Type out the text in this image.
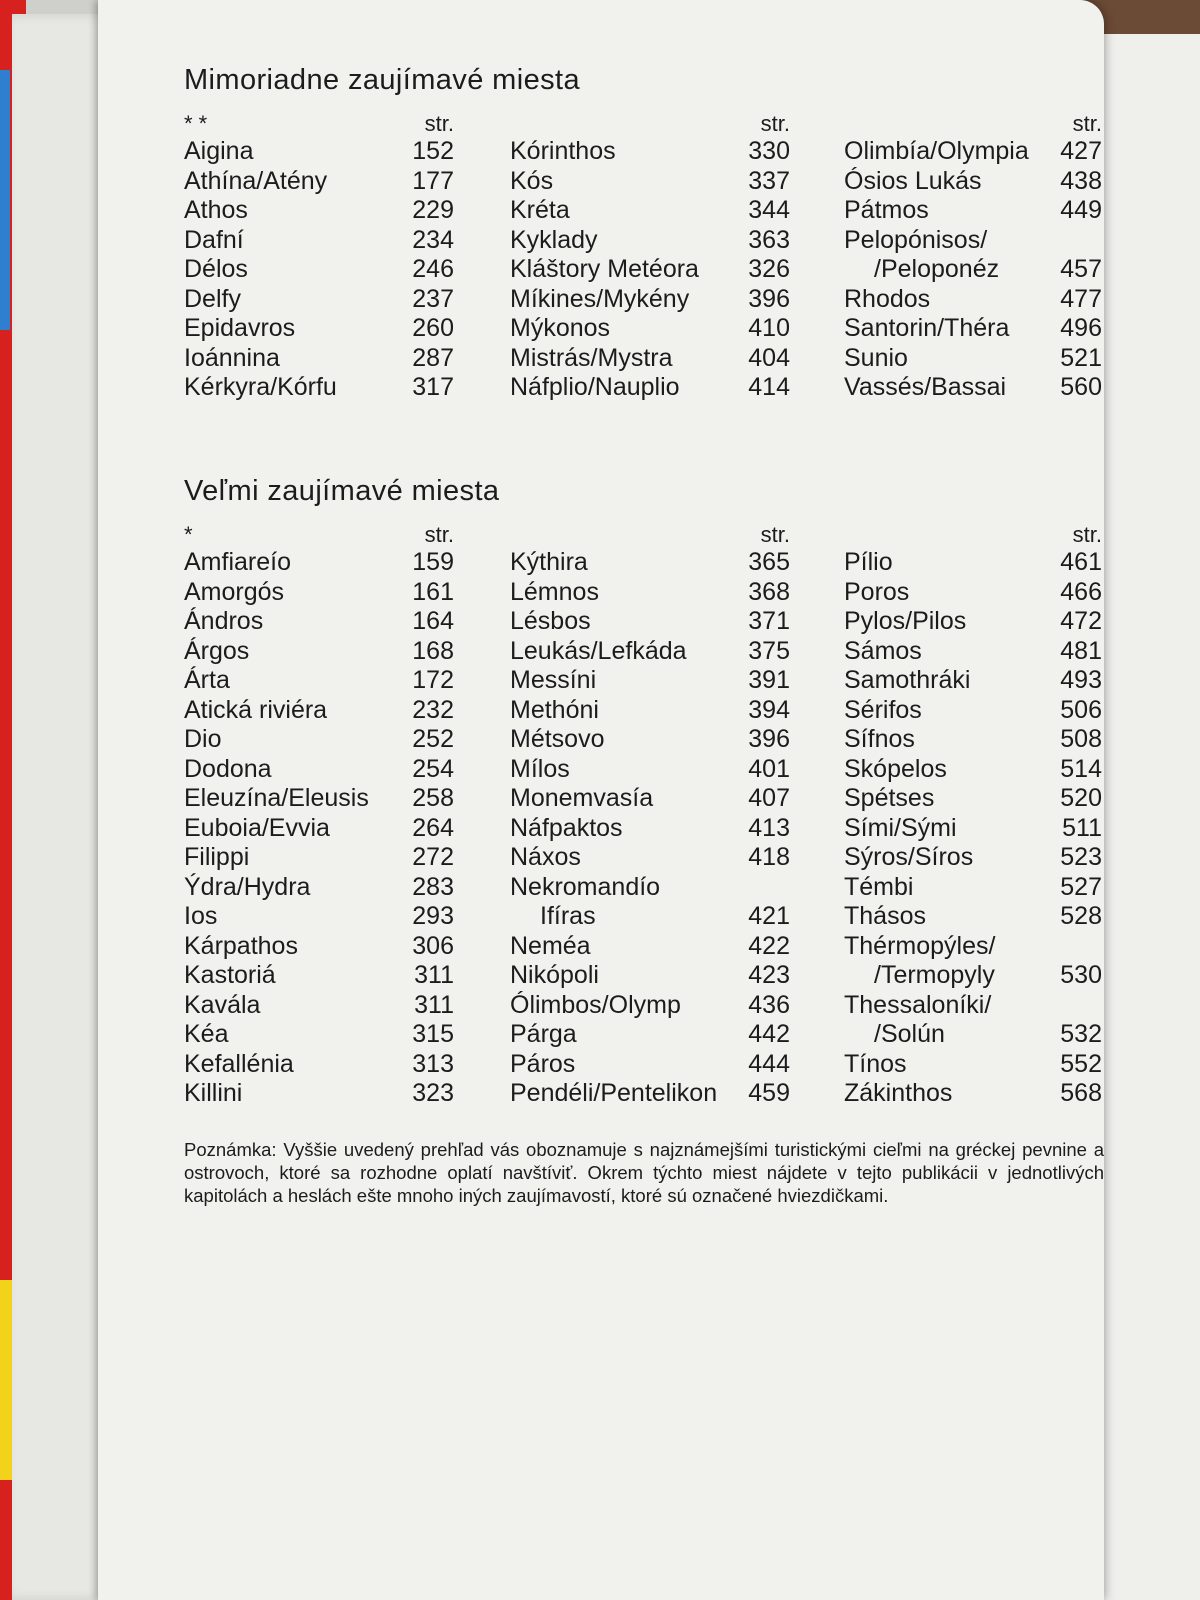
Mimoriadne zaujímavé miesta
* *	str.
Aigina	152
Athína/Atény	177
Athos	229
Dafní	234
Délos	246
Delfy	237
Epidavros	260
Ioánnina	287
Kérkyra/Kórfu	317
str.
Kórinthos	330
Kós	337
Kréta	344
Kyklady	363
Kláštory Metéora 326
Míkines/Mykény 396
Mýkonos	410
Mistrás/Mystra	404
Náfplio/Nauplio	414
str.
Olimbía/Olympia 427
Ósios Lukás	438
Pátmos	449
Pelopónisos/
/Peloponéz 457
Rhodos	477
Santorin/Théra 496
Sunio	521
Vassés/Bassai 560
Veľmi zaujímavé miesta
*	str.
Amfiareío	159
Amorgós	161
Ándros	164
Árgos	168
Árta	172
Atická riviéra	232
Dio	252
Dodona	254
Eleuzína/Eleusis 258
Euboia/Evvia	264
Filippi	272
Ýdra/Hydra	283
Ios	293
Kárpathos	306
Kastoriá	311
Kavála	311
Kéa	315
Kefallénia	313
Killini	323
str.
Kýthira	365
Lémnos	368
Lésbos	371
Leukás/Lefkáda 375
Messíni	391
Methóni	394
Métsovo	396
Mílos	401
Monemvasía	407
Náfpaktos	413
Náxos	418
Nekromandío
Ifíras	421
Neméa	422
Nikópoli	423
Ólimbos/Olymp	436
Párga	442
Páros	444
Pendéli/Pentelikon 459
str.
Pílio	461
Poros	466
Pylos/Pilos	472
Sámos	481
Samothráki	493
Sérifos	506
Sífnos	508
Skópelos	514
Spétses	520
Sími/Sými	511
Sýros/Síros	523
Témbi	527
Thásos	528
Thérmopýles/
/Termopyly	530
Thessaloníki/
/Solún	532
Tínos	552
Zákinthos	568

Poznámka: Vyššie uvedený prehľad vás oboznamuje s najznámejšími turistickými cieľmi na gréckej pevnine a ostrovoch, ktoré sa rozhodne oplatí navštíviť. Okrem týchto miest nájdete v tejto publikácii v jednotlivých kapitolách a heslách ešte mnoho iných zaujímavostí, ktoré sú označené hviezdičkami.
